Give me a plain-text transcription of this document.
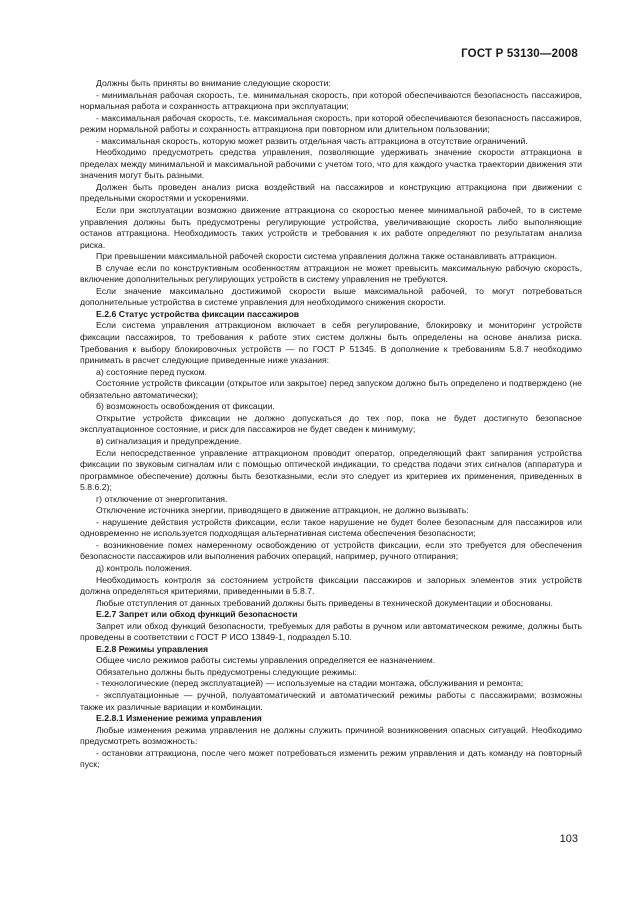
ГОСТ Р 53130—2008

Должны быть приняты во внимание следующие скорости:

- минимальная рабочая скорость, т.е. минимальная скорость, при которой обеспечиваются безопасность пассажиров, нормальная работа и сохранность аттракциона при эксплуатации;

- максимальная рабочая скорость, т.е. максимальная скорость, при которой обеспечиваются безопасность пассажиров, режим нормальной работы и сохранность аттракциона при повторном или длительном пользовании;

- максимальная скорость, которую может развить отдельная часть аттракциона в отсутствие ограничений.

Необходимо предусмотреть средства управления, позволяющие удерживать значение скорости аттракциона в пределах между минимальной и максимальной рабочими с учетом того, что для каждого участка траектории движения эти значения могут быть разными.

Должен быть проведен анализ риска воздействий на пассажиров и конструкцию аттракциона при движении с предельными скоростями и ускорениями.

Если при эксплуатации возможно движение аттракциона со скоростью менее минимальной рабочей, то в системе управления должны быть предусмотрены регулирующие устройства, увеличивающие скорость либо выполняющие останов аттракциона. Необходимость таких устройств и требования к их работе определяют по результатам анализа риска.

При превышении максимальной рабочей скорости система управления должна также останавливать аттракцион.

В случае если по конструктивным особенностям аттракцион не может превысить максимальную рабочую скорость, включение дополнительных регулирующих устройств в систему управления не требуются.

Если значение максимально достижимой скорости выше максимальной рабочей, то могут потребоваться дополнительные устройства в системе управления для необходимого снижения скорости.

Е.2.6 Статус устройства фиксации пассажиров

Если система управления аттракционом включает в себя регулирование, блокировку и мониторинг устройств фиксации пассажиров, то требования к работе этих систем должны быть определены на основе анализа риска. Требования к выбору блокировочных устройств — по ГОСТ Р 51345. В дополнение к требованиям 5.8.7 необходимо принимать в расчет следующие приведенные ниже указания:

а) состояние перед пуском.

Состояние устройств фиксации (открытое или закрытое) перед запуском должно быть определено и подтверждено (не обязательно автоматически);

б) возможность освобождения от фиксации.

Открытие устройств фиксации не должно допускаться до тех пор, пока не будет достигнуто безопасное эксплуатационное состояние, и риск для пассажиров не будет сведен к минимуму;

в) сигнализация и предупреждение.

Если непосредственное управление аттракционом проводит оператор, определяющий факт запирания устройства фиксации по звуковым сигналам или с помощью оптической индикации, то средства подачи этих сигналов (аппаратура и программное обеспечение) должны быть безотказными, если это следует из критериев их применения, приведенных в 5.8.6.2);

г) отключение от энергопитания.

Отключение источника энергии, приводящего в движение аттракцион, не должно вызывать:

- нарушение действия устройств фиксации, если такое нарушение не будет более безопасным для пассажиров или одновременно не используется подходящая альтернативная система обеспечения безопасности;

- возникновение помех намеренному освобождению от устройств фиксации, если это требуется для обеспечения безопасности пассажиров или выполнения рабочих операций, например, ручного отпирания;

д) контроль положения.

Необходимость контроля за состоянием устройств фиксации пассажиров и запорных элементов этих устройств должна определяться критериями, приведенными в 5.8.7.

Любые отступления от данных требований должны быть приведены в технической документации и обоснованы.

Е.2.7 Запрет или обход функций безопасности

Запрет или обход функций безопасности, требуемых для работы в ручном или автоматическом режиме, должны быть проведены в соответствии с ГОСТ Р ИСО 13849-1, подраздел 5.10.

Е.2.8 Режимы управления

Общее число режимов работы системы управления определяется ее назначением.

Обязательно должны быть предусмотрены следующие режимы:

- технологические (перед эксплуатацией) — используемые на стадии монтажа, обслуживания и ремонта;

- эксплуатационные — ручной, полуавтоматический и автоматический режимы работы с пассажирами; возможны также их различные вариации и комбинации.

Е.2.8.1 Изменение режима управления

Любые изменения режима управления не должны служить причиной возникновения опасных ситуаций. Необходимо предусмотреть возможность:

- остановки аттракциона, после чего может потребоваться изменить режим управления и дать команду на повторный пуск;

103
